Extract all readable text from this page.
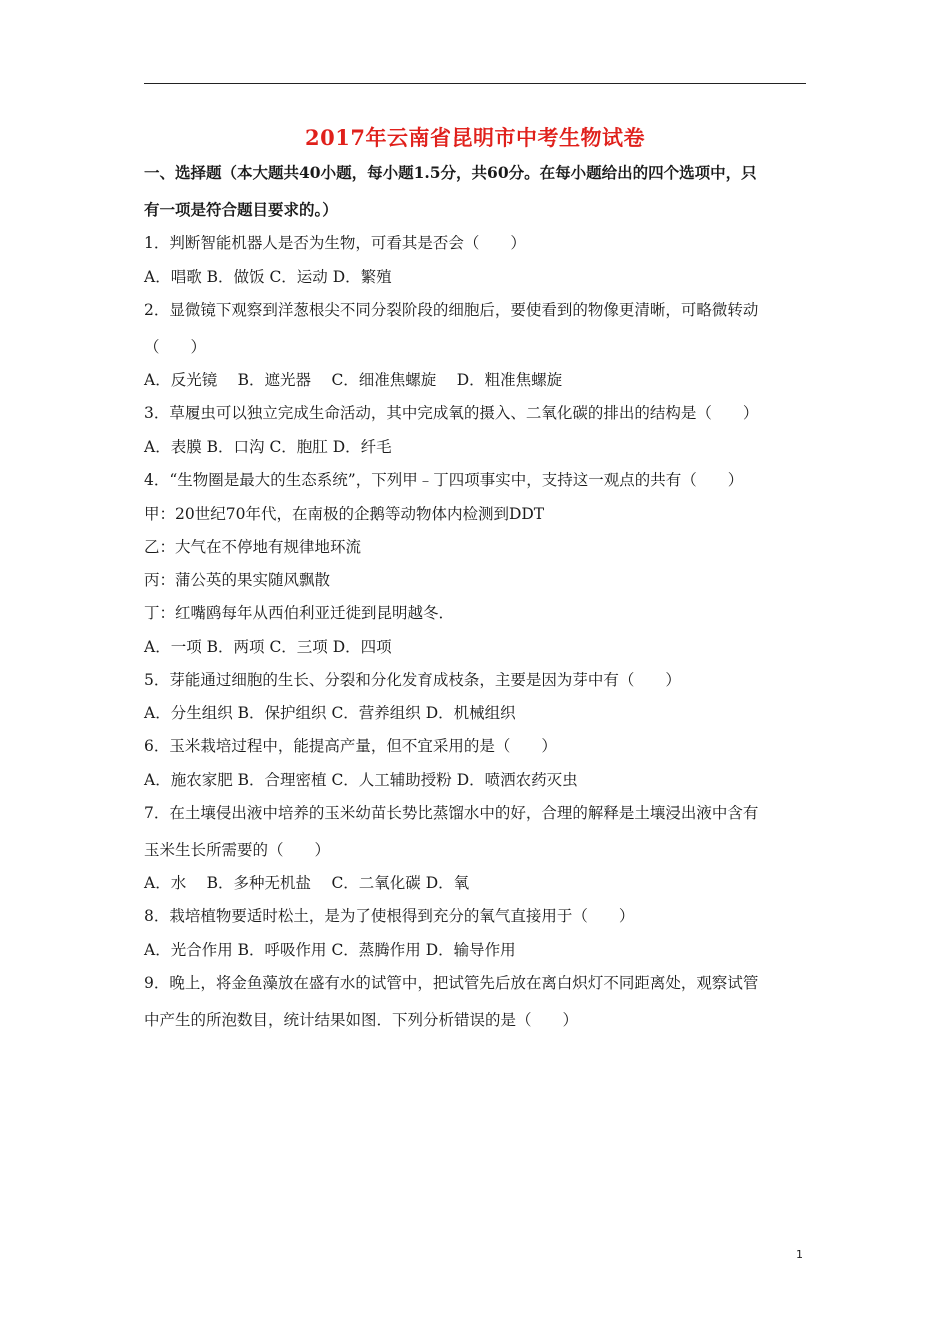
2017年云南省昆明市中考生物试卷
一、选择题（本大题共40小题，每小题1.5分，共60分。在每小题给出的四个选项中，只
有一项是符合题目要求的。）
1．判断智能机器人是否为生物，可看其是否会（　　）
A．唱歌 B．做饭 C．运动 D．繁殖
2．显微镜下观察到洋葱根尖不同分裂阶段的细胞后，要使看到的物像更清晰，可略微转动
（　　）
A．反光镜　 B．遮光器　 C．细准焦螺旋　 D．粗准焦螺旋
3．草履虫可以独立完成生命活动，其中完成氧的摄入、二氧化碳的排出的结构是（　　）
A．表膜 B．口沟 C．胞肛 D．纤毛
4．“生物圈是最大的生态系统”，下列甲﹣丁四项事实中，支持这一观点的共有（　　）
甲：20世纪70年代，在南极的企鹅等动物体内检测到DDT
乙：大气在不停地有规律地环流
丙：蒲公英的果实随风飘散
丁：红嘴鸥每年从西伯利亚迁徙到昆明越冬．
A．一项 B．两项 C．三项 D．四项
5．芽能通过细胞的生长、分裂和分化发育成枝条，主要是因为芽中有（　　）
A．分生组织 B．保护组织 C．营养组织 D．机械组织
6．玉米栽培过程中，能提高产量，但不宜采用的是（　　）
A．施农家肥 B．合理密植 C．人工辅助授粉 D．喷洒农药灭虫
7．在土壤侵出液中培养的玉米幼苗长势比蒸馏水中的好，合理的解释是土壤浸出液中含有
玉米生长所需要的（　　）
A．水　 B．多种无机盐　 C．二氧化碳 D．氧
8．栽培植物要适时松土，是为了使根得到充分的氧气直接用于（　　）
A．光合作用 B．呼吸作用 C．蒸腾作用 D．输导作用
9．晚上，将金鱼藻放在盛有水的试管中，把试管先后放在离白炽灯不同距离处，观察试管
中产生的所泡数目，统计结果如图．下列分析错误的是（　　）
1
